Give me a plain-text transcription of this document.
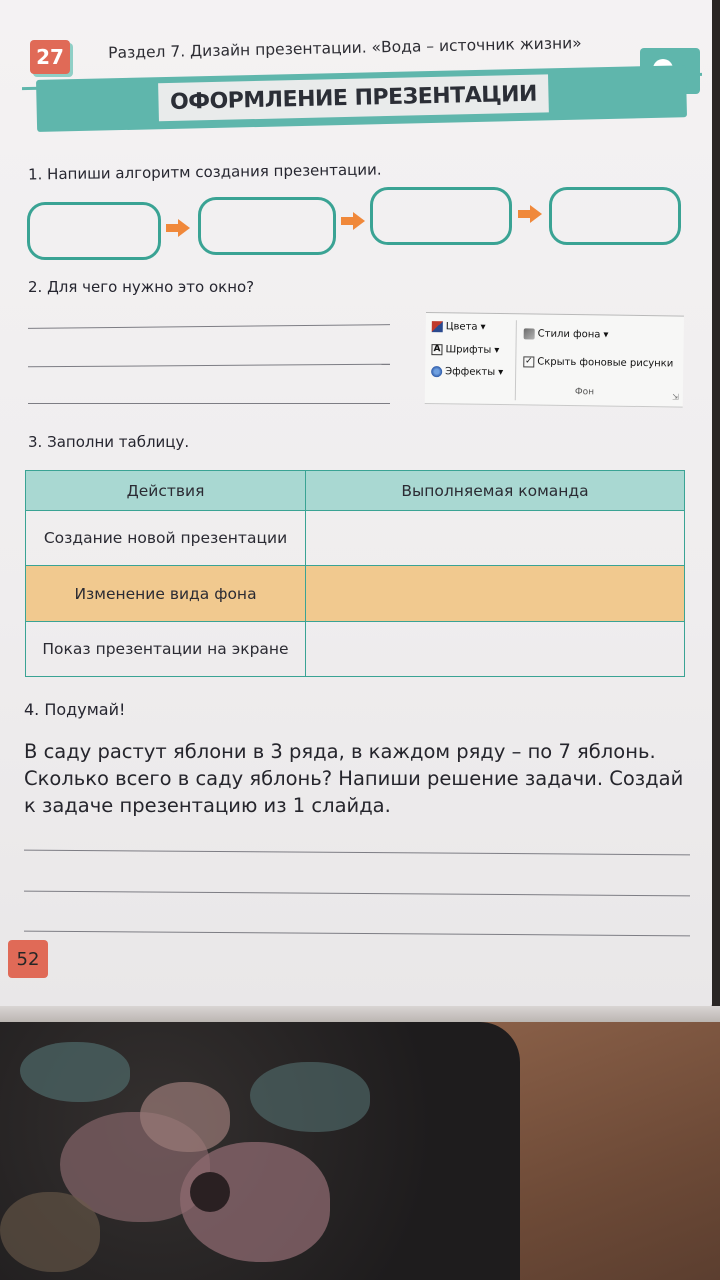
27	Раздел 7. Дизайн презентации. «Вода – источник жизни»
ОФОРМЛЕНИЕ ПРЕЗЕНТАЦИИ
1. Напиши алгоритм создания презентации.
2. Для чего нужно это окно?
Цвета ▾
A Шрифты ▾
Эффекты ▾
Стили фона ▾
✓ Скрыть фоновые рисунки
Фон	⇲
3. Заполни таблицу.
Действия	Выполняемая команда
Создание новой презентации
Изменение вида фона
Показ презентации на экране
4. Подумай!
В саду растут яблони в 3 ряда, в каждом ряду – по 7 яблонь. Сколько всего в саду яблонь? Напиши решение задачи. Создай к задаче презентацию из 1 слайда.
52
